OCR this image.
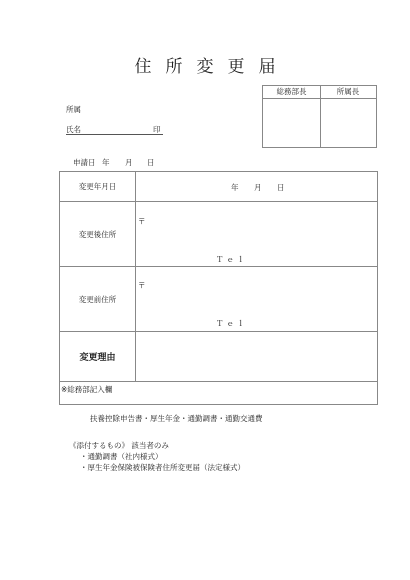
住所変更届
総務部長	所属長
所属
氏名	印
申請日 年 月 日
変更年月日	年 月 日
変更後住所
〒
Ｔｅｌ
変更前住所
〒
Ｔｅｌ
変更理由
※総務部記入欄
扶養控除申告書・厚生年金・通勤調書・通勤交通費
《添付するもの》 該当者のみ
・通勤調書（社内様式）
・厚生年金保険被保険者住所変更届（法定様式）
